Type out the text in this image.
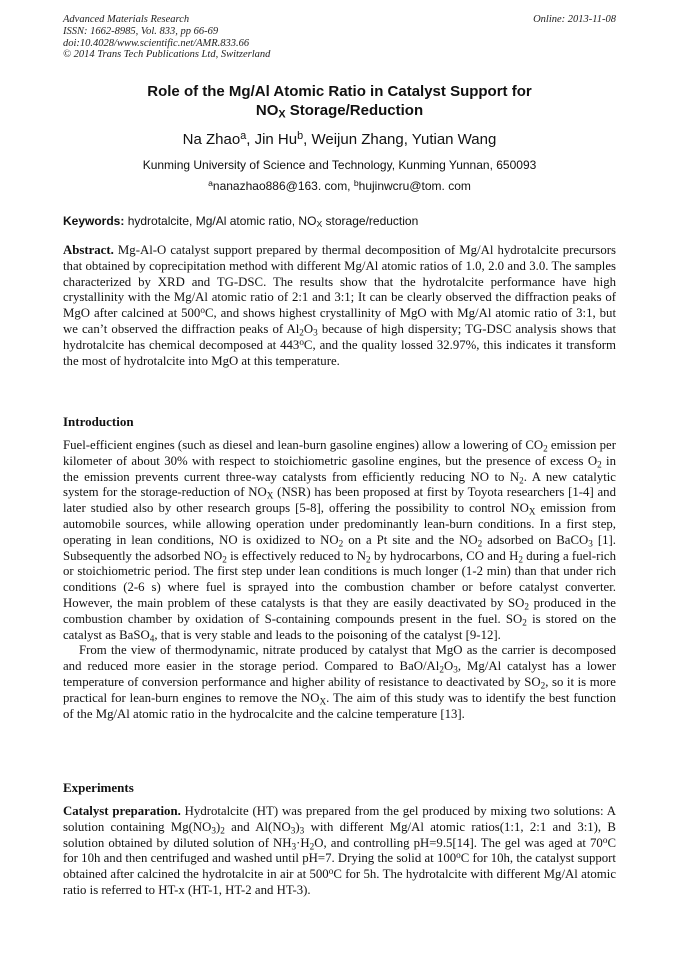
Advanced Materials Research
ISSN: 1662-8985, Vol. 833, pp 66-69
doi:10.4028/www.scientific.net/AMR.833.66
© 2014 Trans Tech Publications Ltd, Switzerland
Online: 2013-11-08
Role of the Mg/Al Atomic Ratio in Catalyst Support for
$NO_X$ Storage/Reduction
Na Zhao$^a$, Jin Hu$^b$, Weijun Zhang, Yutian Wang
Kunming University of Science and Technology, Kunming Yunnan, 650093
$^a$nanazhao886@163. com, $^b$hujinwcru@tom. com
Keywords: hydrotalcite, Mg/Al atomic ratio, $NO_X$ storage/reduction

Abstract. Mg-Al-O catalyst support prepared by thermal decomposition of Mg/Al hydrotalcite precursors that obtained by coprecipitation method with different Mg/Al atomic ratios of 1.0, 2.0 and 3.0. The samples characterized by XRD and TG-DSC. The results show that the hydrotalcite performance have high crystallinity with the Mg/Al atomic ratio of 2:1 and 3:1; It can be clearly observed the diffraction peaks of MgO after calcined at 500$^o$C, and shows highest crystallinity of MgO with Mg/Al atomic ratio of 3:1, but we can’t observed the diffraction peaks of $Al_2O_3$ because of high dispersity; TG-DSC analysis shows that hydrotalcite has chemical decomposed at 443$^o$C, and the quality lossed 32.97%, this indicates it transform the most of hydrotalcite into MgO at this temperature.

Introduction

Fuel-efficient engines (such as diesel and lean-burn gasoline engines) allow a lowering of $CO_2$ emission per kilometer of about 30% with respect to stoichiometric gasoline engines, but the presence of excess $O_2$ in the emission prevents current three-way catalysts from efficiently reducing NO to $N_2$. A new catalytic system for the storage-reduction of $NO_X$ (NSR) has been proposed at first by Toyota researchers [1-4] and later studied also by other research groups [5-8], offering the possibility to control $NO_X$ emission from automobile sources, while allowing operation under predominantly lean-burn conditions. In a first step, operating in lean conditions, NO is oxidized to $NO_2$ on a Pt site and the $NO_2$ adsorbed on BaCO$_3$ [1]. Subsequently the adsorbed $NO_2$ is effectively reduced to $N_2$ by hydrocarbons, CO and $H_2$ during a fuel-rich or stoichiometric period. The first step under lean conditions is much longer (1-2 min) than that under rich conditions (2-6 s) where fuel is sprayed into the combustion chamber or before catalyst converter. However, the main problem of these catalysts is that they are easily deactivated by $SO_2$ produced in the combustion chamber by oxidation of S-containing compounds present in the fuel. $SO_2$ is stored on the catalyst as BaSO$_4$, that is very stable and leads to the poisoning of the catalyst [9-12].

From the view of thermodynamic, nitrate produced by catalyst that MgO as the carrier is decomposed and reduced more easier in the storage period. Compared to BaO/$Al_2O_3$, Mg/Al catalyst has a lower temperature of conversion performance and higher ability of resistance to deactivated by $SO_2$, so it is more practical for lean-burn engines to remove the $NO_X$. The aim of this study was to identify the best function of the Mg/Al atomic ratio in the hydrocalcite and the calcine temperature [13].

Experiments

Catalyst preparation. Hydrotalcite (HT) was prepared from the gel produced by mixing two solutions: A solution containing $Mg(NO_3)_2$ and $Al(NO_3)_3$ with different Mg/Al atomic ratios(1:1, 2:1 and 3:1), B solution obtained by diluted solution of $NH_3\cdot H_2O$, and controlling pH=9.5[14]. The gel was aged at 70$^o$C for 10h and then centrifuged and washed until pH=7. Drying the solid at 100$^o$C for 10h, the catalyst support obtained after calcined the hydrotalcite in air at 500$^o$C for 5h. The hydrotalcite with different Mg/Al atomic ratio is referred to HT-x (HT-1, HT-2 and HT-3).
